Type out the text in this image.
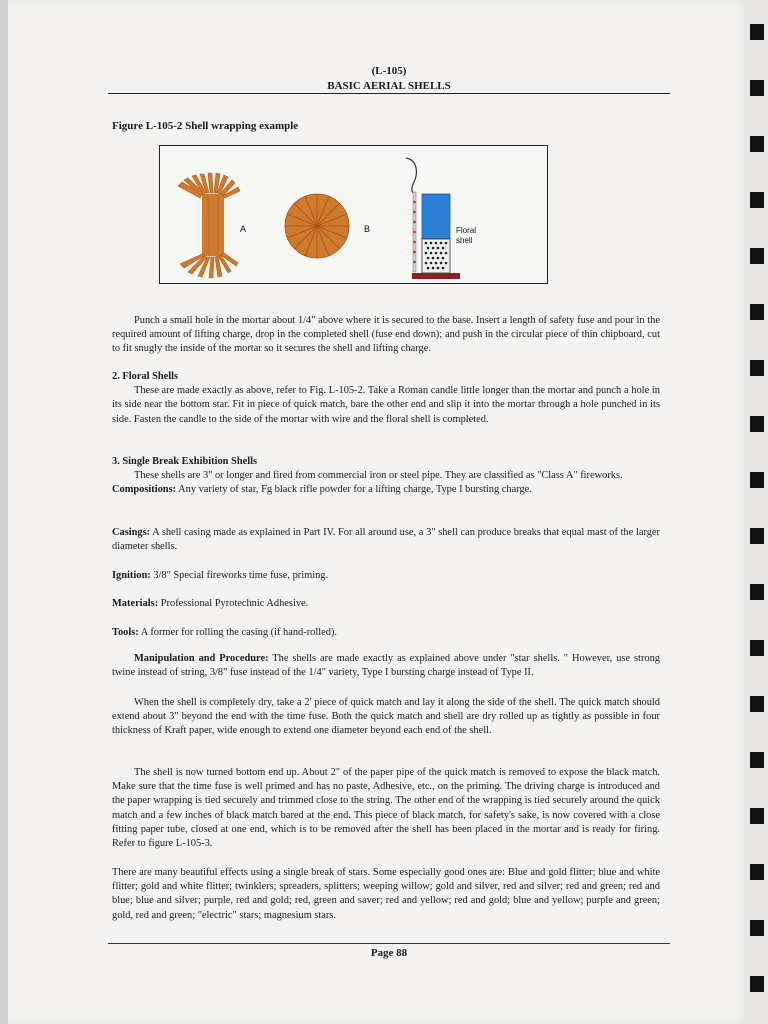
(L-105)
BASIC AERIAL SHELLS
Figure L-105-2 Shell wrapping example
A	B	Floral
shell
Punch a small hole in the mortar about 1/4" above where it is secured to the base. Insert a length of safety fuse and pour in the required amount of lifting charge, drop in the completed shell (fuse end down); and push in the circular piece of thin chipboard, cut to fit snugly the inside of the mortar so it secures the shell and lifting charge.
2. Floral Shells
These are made exactly as above, refer to Fig. L-105-2. Take a Roman candle little longer than the mortar and punch a hole in its side near the bottom star. Fit in piece of quick match, bare the other end and slip it into the mortar through a hole punched in its side. Fasten the candle to the side of the mortar with wire and the floral shell is completed.
3. Single Break Exhibition Shells
These shells are 3" or longer and fired from commercial iron or steel pipe. They are classified as "Class A" fireworks.
Compositions: Any variety of star, Fg black rifle powder for a lifting charge, Type I bursting charge.
Casings: A shell casing made as explained in Part IV. For all around use, a 3" shell can produce breaks that equal mast of the larger diameter shells.
Ignition: 3/8" Special fireworks time fuse, priming.
Materials: Professional Pyrotechnic Adhesive.
Tools: A former for rolling the casing (if hand-rolled).
Manipulation and Procedure: The shells are made exactly as explained above under "star shells. " However, use strong twine instead of string, 3/8" fuse instead of the 1/4" variety, Type I bursting charge instead of Type II.
When the shell is completely dry, take a 2' piece of quick match and lay it along the side of the shell. The quick match should extend about 3" beyond the end with the time fuse. Both the quick match and shell are dry rolled up as tightly as possible in four thickness of Kraft paper, wide enough to extend one diameter beyond each end of the shell.
The shell is now turned bottom end up. About 2" of the paper pipe of the quick match is removed to expose the black match. Make sure that the time fuse is well primed and has no paste, Adhesive, etc., on the priming. The driving charge is introduced and the paper wrapping is tied securely and trimmed close to the string. The other end of the wrapping is tied securely around the quick match and a few inches of black match bared at the end. This piece of black match, for safety's sake, is now covered with a close fitting paper tube, closed at one end, which is to be removed after the shell has been placed in the mortar and is ready for firing. Refer to figure L-105-3.
There are many beautiful effects using a single break of stars. Some especially good ones are: Blue and gold flitter; blue and white flitter; gold and white flitter; twinklers; spreaders, splitters; weeping willow; gold and silver, red and silver; red and green; red and blue; blue and silver; purple, red and gold; red, green and saver; red and yellow; red and gold; blue and yellow; purple and green; gold, red and green; "electric" stars; magnesium stars.
Page 88
